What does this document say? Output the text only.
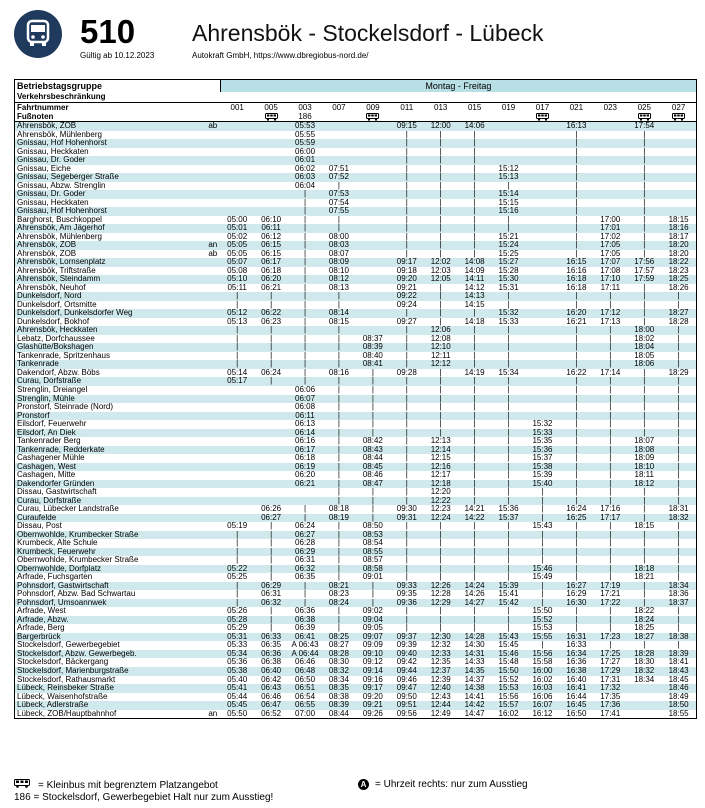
510
Gültig ab 10.12.2023
Ahrensbök - Stockelsdorf - Lübeck
Autokraft GmbH, https://www.dbregiobus-nord.de/
Betriebstagsgruppe		Montag - Freitag													
Verkehrsbeschränkung															
Fahrtnummer		001	005	003	007	009	011	013	015	019	017	021	023	025	027
Fußnoten				186											
Ahrensbök, ZOB	ab			05:53			09:15	12:00	14:06			16:13		17:54	
Ahrensbök, Mühlenberg				05:55			|	|	|			|		|	
Gnissau, Hof Hohenhorst				05:59			|	|	|			|		|	
Gnissau, Heckkaten				06:00			|	|	|			|		|	
Gnissau, Dr. Goder				06:01			|	|	|			|		|	
Gnissau, Eiche				06:02	07:51		|	|	|	15:12		|		|	
Gnissau, Segeberger Straße				06:03	07:52		|	|	|	15:13		|		|	
Gnissau, Abzw. Strenglin				06:04	|		|	|	|	|		|		|	
Gnissau, Dr. Goder				|	07:53		|	|	|	15:14		|		|	
Gnissau, Heckkaten				|	07:54		|	|	|	15:15		|		|	
Gnissau, Hof Hohenhorst				|	07:55		|	|	|	15:16		|		|	
Barghorst, Buschkoppel		05:00	06:10	|	|		|	|	|	|		|	17:00	|	18:15
Ahrensbök, Am Jägerhof		05:01	06:11	|	|		|	|	|	|		|	17:01	|	18:16
Ahrensbök, Mühlenberg		05:02	06:12	|	08:00		|	|	|	15:21		|	17:02	|	18:17
Ahrensbök, ZOB	an	05:05	06:15	|	08:03		|	|	|	15:24		|	17:05	|	18:20
Ahrensbök, ZOB	ab	05:05	06:15	|	08:07		|	|	|	15:25		|	17:05	|	18:20
Ahrensbök, Lornsenplatz		05:07	06:17	|	08:09		09:17	12:02	14:08	15:27		16:15	17:07	17:56	18:22
Ahrensbök, Triftstraße		05:08	06:18	|	08:10		09:18	12:03	14:09	15:28		16:16	17:08	17:57	18:23
Ahrensbök, Steindamm		05:10	06:20	|	08:12		09:20	12:05	14:11	15:30		16:18	17:10	17:59	18:25
Ahrensbök, Neuhof		05:11	06:21	|	08:13		09:21	|	14:12	15:31		16:18	17:11	|	18:26
Dunkelsdorf, Nord		|	|	|	|		09:22	|	14:13	|		|	|	|	|
Dunkelsdorf, Ortsmitte		|	|	|	|		09:24	|	14:15	|		|	|	|	|
Dunkelsdorf, Dunkelsdorfer Weg		05:12	06:22	|	08:14		|	|	|	15:32		16:20	17:12	|	18:27
Dunkelsdorf, Bokhof		05:13	06:23	|	08:15		09:27	|	14:18	15:33		16:21	17:13	|	18:28
Ahrensbök, Heckkaten		|	|	|	|		|	12:06	|	|		|	|	18:00	|
Lebatz, Dorfchaussee		|	|	|	|	08:37	|	12:08	|	|		|	|	18:02	|
Glashütte/Bokshagen		|	|	|	|	08:39	|	12:10	|	|		|	|	18:04	|
Tankenrade, Spritzenhaus		|	|	|	|	08:40	|	12:11	|	|		|	|	18:05	|
Tankenrade		|	|	|	|	08:41	|	12:12	|	|		|	|	18:06	|
Dakendorf, Abzw. Böbs		05:14	06:24	|	08:16	|	09:28	|	14:19	15:34		16:22	17:14	|	18:29
Curau, Dorfstraße		05:17	|	|	|	|	|	|	|	|		|	|	|	|
Strenglin, Dreiangel				06:06	|	|	|	|	|	|		|	|	|	|
Strenglin, Mühle				06:07	|	|	|	|	|	|		|	|	|	|
Pronstorf, Steinrade (Nord)				06:08	|	|	|	|	|	|		|	|	|	|
Pronstorf				06:11	|	|	|	|	|	|		|	|	|	|
Eilsdorf, Feuerwehr				06:13	|	|	|	|	|	|	15:32	|	|	|	|
Eilsdorf, An Diek				06:14	|	|	|	|	|	|	15:33	|	|	|	|
Tankenrader Berg				06:16	|	08:42	|	12:13	|	|	15:35	|	|	18:07	|
Tankenrade, Redderkate				06:17	|	08:43	|	12:14	|	|	15:36	|	|	18:08	|
Cashagener Mühle				06:18	|	08:44	|	12:15	|	|	15:37	|	|	18:09	|
Cashagen, West				06:19	|	08:45	|	12:16	|	|	15:38	|	|	18:10	|
Cashagen, Mitte				06:20	|	08:46	|	12:17	|	|	15:39	|	|	18:11	|
Dakendorfer Gründen				06:21	|	08:47	|	12:18	|	|	15:40	|	|	18:12	|
Dissau, Gastwirtschaft					|	|	|	12:20	|	|	|	|	|	|	|
Curau, Dorfstraße					|	|	|	12:22	|	|	|	|	|	|	|
Curau, Lübecker Landstraße			06:26	|	08:18	|	09:30	12:23	14:21	15:36	|	16:24	17:16	|	18:31
Curaufelde			06:27	|	08:19	|	09:31	12:24	14:22	15:37	|	16:25	17:17	|	18:32
Dissau, Post		05:19	|	06:24	|	08:50	|	|	|	|	15:43	|	|	18:15	|
Obernwohlde, Krumbecker Straße		|	|	06:27	|	08:53	|	|	|	|	|	|	|	|	|
Krumbeck, Alte Schule		|	|	06:28	|	08:54	|	|	|	|	|	|	|	|	|
Krumbeck, Feuerwehr		|	|	06:29	|	08:55	|	|	|	|	|	|	|	|	|
Obernwohlde, Krumbecker Straße		|	|	06:31	|	08:57	|	|	|	|	|	|	|	|	|
Obernwohlde, Dorfplatz		05:22	|	06:32	|	08:58	|	|	|	|	15:46	|	|	18:18	|
Arfrade, Fuchsgarten		05:25	|	06:35	|	09:01	|	|	|	|	15:49	|	|	18:21	|
Pohnsdorf, Gastwirtschaft		|	06:29	|	08:21	|	09:33	12:26	14:24	15:39	|	16:27	17:19	|	18:34
Pohnsdorf, Abzw. Bad Schwartau		|	06:31	|	08:23	|	09:35	12:28	14:26	15:41	|	16:29	17:21	|	18:36
Pohnsdorf, Umsoannwek		|	06:32	|	08:24	|	09:36	12:29	14:27	15:42	|	16:30	17:22	|	18:37
Arfrade, West		05:26	|	06:36	|	09:02	|	|	|	|	15:50	|	|	18:22	|
Arfrade, Abzw.		05:28	|	06:38	|	09:04	|	|	|	|	15:52	|	|	18:24	|
Arfrade, Berg		05:29	|	06:39	|	09:05	|	|	|	|	15:53	|	|	18:25	|
Bargerbrück		05:31	06:33	06:41	08:25	09:07	09:37	12:30	14:28	15:43	15:55	16:31	17:23	18:27	18:38
Stockelsdorf, Gewerbegebiet		05:33	06:35	A 06:43	08:27	09:09	09:39	12:32	14:30	15:45	|	16:33	|	|	|
Stockelsdorf, Abzw. Gewerbegeb.		05:34	06:36	A 06:44	08:28	09:10	09:40	12:33	14:31	15:46	15:56	16:34	17:25	18:28	18:39
Stockelsdorf, Bäckergang		05:36	06:38	06:46	08:30	09:12	09:42	12:35	14:33	15:48	15:58	16:36	17:27	18:30	18:41
Stockelsdorf, Marienburgstraße		05:38	06:40	06:48	08:32	09:14	09:44	12:37	14:35	15:50	16:00	16:38	17:29	18:32	18:43
Stockelsdorf, Rathausmarkt		05:40	06:42	06:50	08:34	09:16	09:46	12:39	14:37	15:52	16:02	16:40	17:31	18:34	18:45
Lübeck, Reinsbeker Straße		05:41	06:43	06:51	08:35	09:17	09:47	12:40	14:38	15:53	16:03	16:41	17:32		18:46
Lübeck, Waisenhofstraße		05:44	06:46	06:54	08:38	09:20	09:50	12:43	14:41	15:56	16:06	16:44	17:35		18:49
Lübeck, Adlerstraße		05:45	06:47	06:55	08:39	09:21	09:51	12:44	14:42	15:57	16:07	16:45	17:36		18:50
Lübeck, ZOB/Hauptbahnhof	an	05:50	06:52	07:00	08:44	09:26	09:56	12:49	14:47	16:02	16:12	16:50	17:41		18:55
= Kleinbus mit begrenztem Platzangebot	A = Uhrzeit rechts: nur zum Ausstieg
186 = Stockelsdorf, Gewerbegebiet Halt nur zum Ausstieg!
